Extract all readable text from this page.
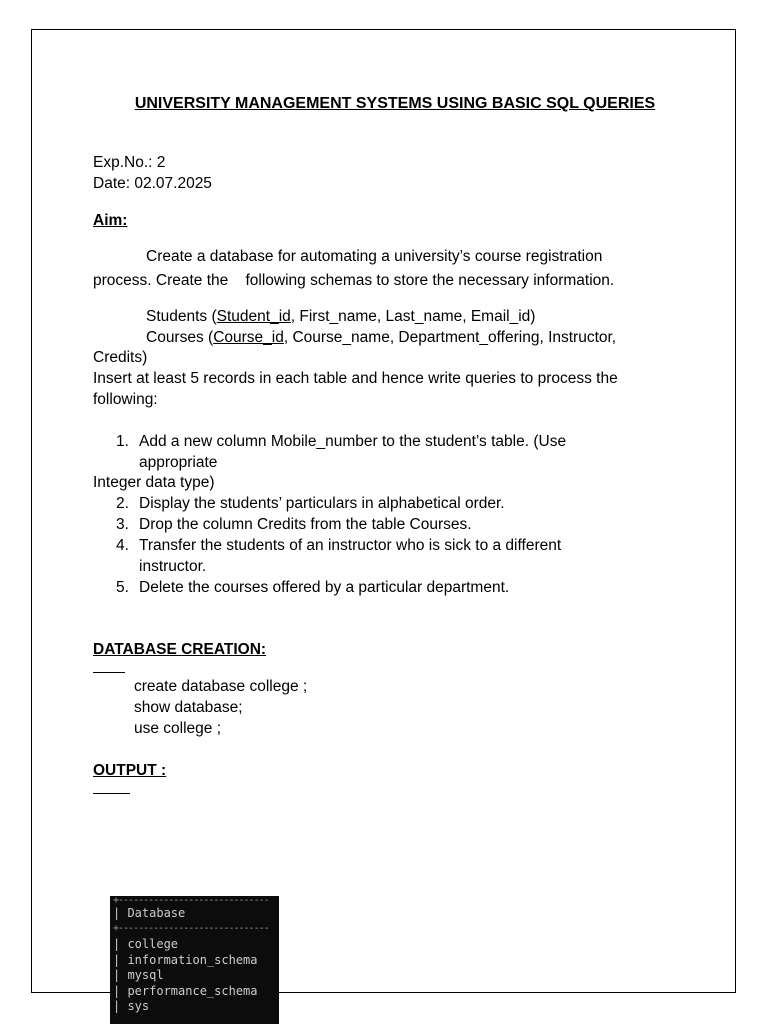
UNIVERSITY MANAGEMENT SYSTEMS USING BASIC SQL QUERIES
Exp.No.: 2
Date: 02.07.2025
Aim:
Create a database for automating a university’s course registration
process. Create the    following schemas to store the necessary information.
Students (Student_id, First_name, Last_name, Email_id)
Courses (Course_id, Course_name, Department_offering, Instructor,
Credits)
Insert at least 5 records in each table and hence write queries to process the
following:
1. Add a new column Mobile_number to the student’s table. (Use
appropriate
Integer data type)
2. Display the students’ particulars in alphabetical order.
3. Drop the column Credits from the table Courses.
4. Transfer the students of an instructor who is sick to a different
instructor.
5. Delete the courses offered by a particular department.
DATABASE CREATION:
create database college ;
show database;
use college ;
OUTPUT :
+------------------------------
| Database
+------------------------------
| college
| information_schema
| mysql
| performance_schema
| sys
